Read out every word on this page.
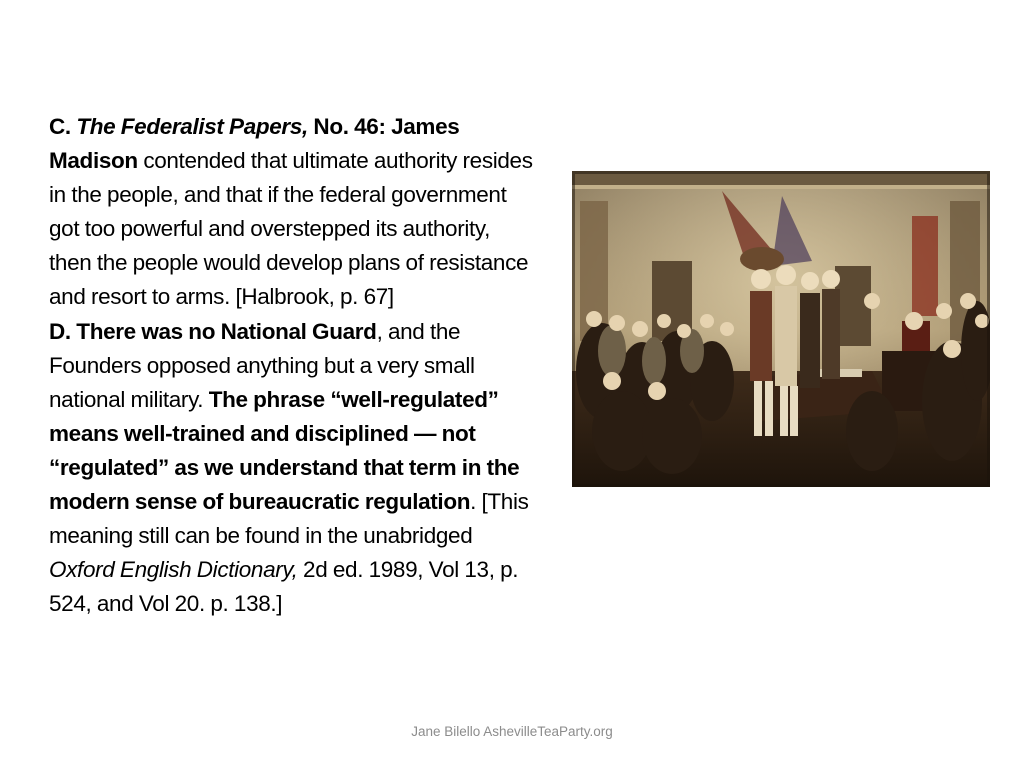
C. The Federalist Papers, No. 46: James Madison contended that ultimate authority resides in the people, and that if the federal government got too powerful and overstepped its authority, then the people would develop plans of resistance and resort to arms. [Halbrook, p. 67]

D. There was no National Guard, and the Founders opposed anything but a very small national military. The phrase “well-regulated” means well-trained and disciplined — not “regulated” as we understand that term in the modern sense of bureaucratic regulation. [This meaning still can be found in the unabridged Oxford English Dictionary, 2d ed. 1989, Vol 13, p. 524, and Vol 20. p. 138.]

Jane Bilello AshevilleTeaParty.org
